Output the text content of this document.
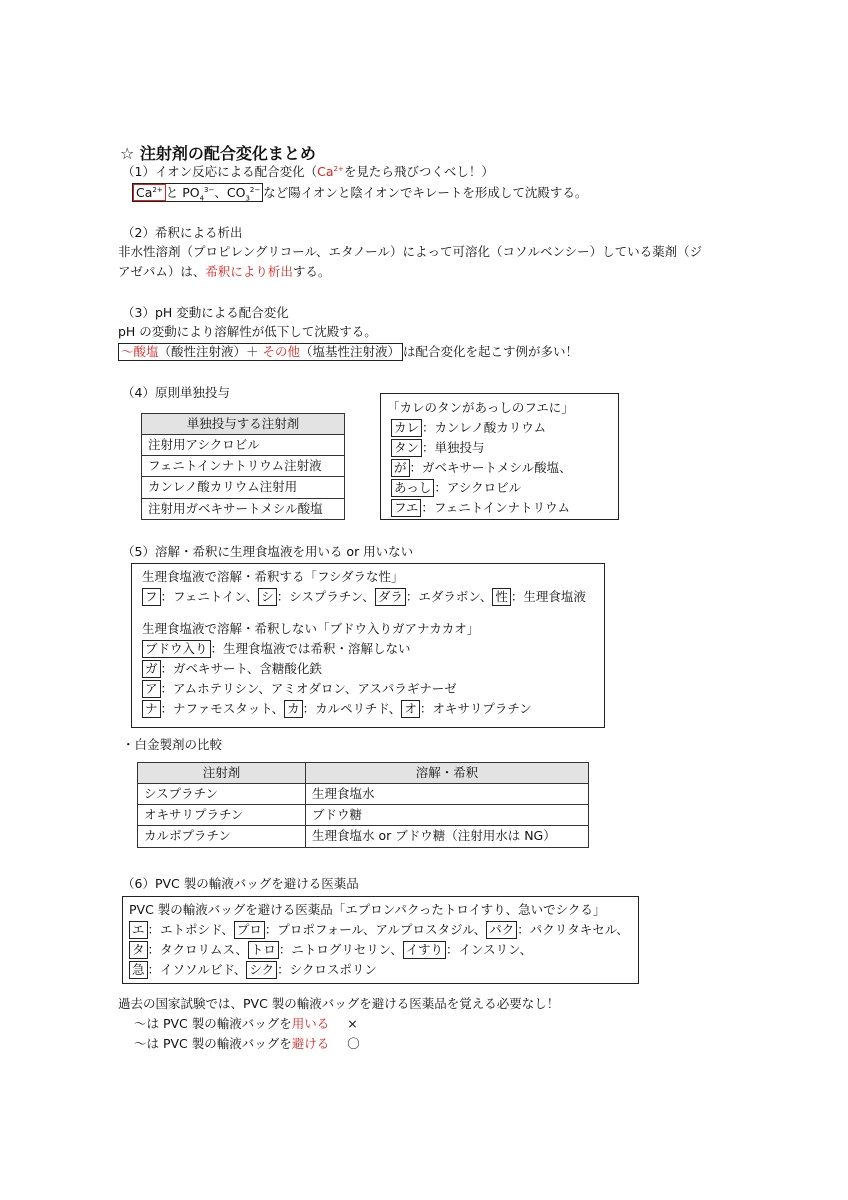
☆ 注射剤の配合変化まとめ
（1）イオン反応による配合変化（$Ca^{2+}$を見たら飛びつくべし！）
$Ca^{2+}$ と $PO_4^{3-}$、$CO_3^{2-}$ など陽イオンと陰イオンでキレートを形成して沈殿する。
（2）希釈による析出
非水性溶剤（プロピレングリコール、エタノール）によって可溶化（コソルベンシー）している薬剤（ジ
アゼパム）は、希釈により析出する。
（3）pH 変動による配合変化
pH の変動により溶解性が低下して沈殿する。
〜酸塩（酸性注射液）＋ その他（塩基性注射液） は配合変化を起こす例が多い！
（4）原則単独投与
単独投与する注射剤
注射用アシクロビル
フェニトインナトリウム注射液
カンレノ酸カリウム注射用
注射用ガベキサートメシル酸塩
「カレのタンがあっしのフエに」
カレ ：カンレノ酸カリウム
タン ：単独投与
が ：ガベキサートメシル酸塩、
あっし ：アシクロビル
フエ ：フェニトインナトリウム
（5）溶解・希釈に生理食塩液を用いる or 用いない
生理食塩液で溶解・希釈する「フシダラな性」
フ ：フェニトイン、 シ ：シスプラチン、 ダラ ：エダラボン、 性 ：生理食塩液
生理食塩液で溶解・希釈しない「ブドウ入りガアナカカオ」
ブドウ入り ：生理食塩液では希釈・溶解しない
ガ ：ガベキサート、含糖酸化鉄
ア ：アムホテリシン、アミオダロン、アスパラギナーゼ
ナ ：ナファモスタット、 カ ：カルペリチド、 オ ：オキサリプラチン
・白金製剤の比較
注射剤	溶解・希釈
シスプラチン	生理食塩水
オキサリプラチン	ブドウ糖
カルボプラチン	生理食塩水 or ブドウ糖（注射用水は NG）
（6）PVC 製の輸液バッグを避ける医薬品
PVC 製の輸液バッグを避ける医薬品「エプロンパクったトロイすり、急いでシクる」
エ ：エトポシド、 プロ ：プロポフォール、アルプロスタジル、 パク ：パクリタキセル、
タ ：タクロリムス、 トロ ：ニトログリセリン、 イすり ：インスリン、
急 ：イソソルビド、 シク ：シクロスポリン
過去の国家試験では、PVC 製の輸液バッグを避ける医薬品を覚える必要なし！
〜は PVC 製の輸液バッグを用いる ×
〜は PVC 製の輸液バッグを避ける 〇
